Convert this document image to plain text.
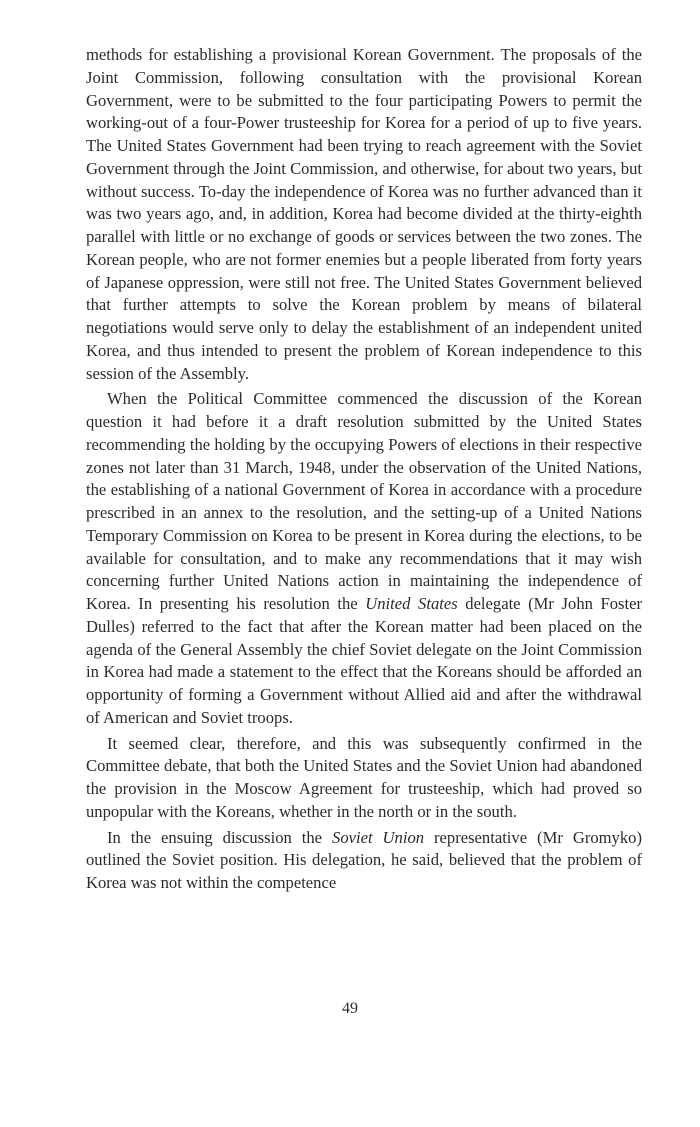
methods for establishing a provisional Korean Government. The proposals of the Joint Commission, following consultation with the provisional Korean Government, were to be submitted to the four participating Powers to permit the working-out of a four-Power trusteeship for Korea for a period of up to five years. The United States Government had been trying to reach agreement with the Soviet Government through the Joint Commission, and otherwise, for about two years, but without success. To-day the independence of Korea was no further advanced than it was two years ago, and, in addition, Korea had become divided at the thirty-eighth parallel with little or no exchange of goods or services between the two zones. The Korean people, who are not former enemies but a people liberated from forty years of Japanese oppression, were still not free. The United States Government believed that further attempts to solve the Korean problem by means of bilateral negotiations would serve only to delay the establishment of an independent united Korea, and thus intended to present the problem of Korean independence to this session of the Assembly.

When the Political Committee commenced the discussion of the Korean question it had before it a draft resolution submitted by the United States recommending the holding by the occupying Powers of elections in their respective zones not later than 31 March, 1948, under the observation of the United Nations, the establishing of a national Government of Korea in accordance with a procedure prescribed in an annex to the resolution, and the setting-up of a United Nations Temporary Commission on Korea to be present in Korea during the elections, to be available for consultation, and to make any recommendations that it may wish concerning further United Nations action in maintaining the independence of Korea. In presenting his resolution the United States delegate (Mr John Foster Dulles) referred to the fact that after the Korean matter had been placed on the agenda of the General Assembly the chief Soviet delegate on the Joint Commission in Korea had made a statement to the effect that the Koreans should be afforded an opportunity of forming a Government without Allied aid and after the withdrawal of American and Soviet troops.

It seemed clear, therefore, and this was subsequently confirmed in the Committee debate, that both the United States and the Soviet Union had abandoned the provision in the Moscow Agreement for trusteeship, which had proved so unpopular with the Koreans, whether in the north or in the south.

In the ensuing discussion the Soviet Union representative (Mr Gromyko) outlined the Soviet position. His delegation, he said, believed that the problem of Korea was not within the competence

49
